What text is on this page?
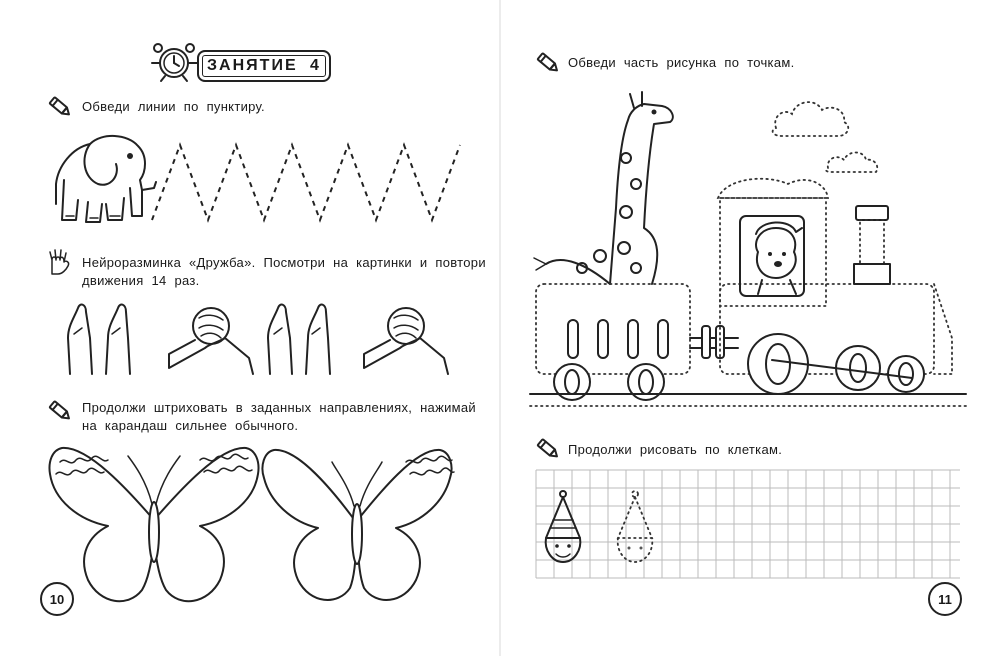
ЗАНЯТИЕ 4
Обведи линии по пунктиру.
Нейроразминка «Дружба». Посмотри на картинки и повтори
движения 14 раз.
Продолжи штриховать в заданных направлениях, нажимай
на карандаш сильнее обычного.
10
Обведи часть рисунка по точкам.
Продолжи рисовать по клеткам.
11
